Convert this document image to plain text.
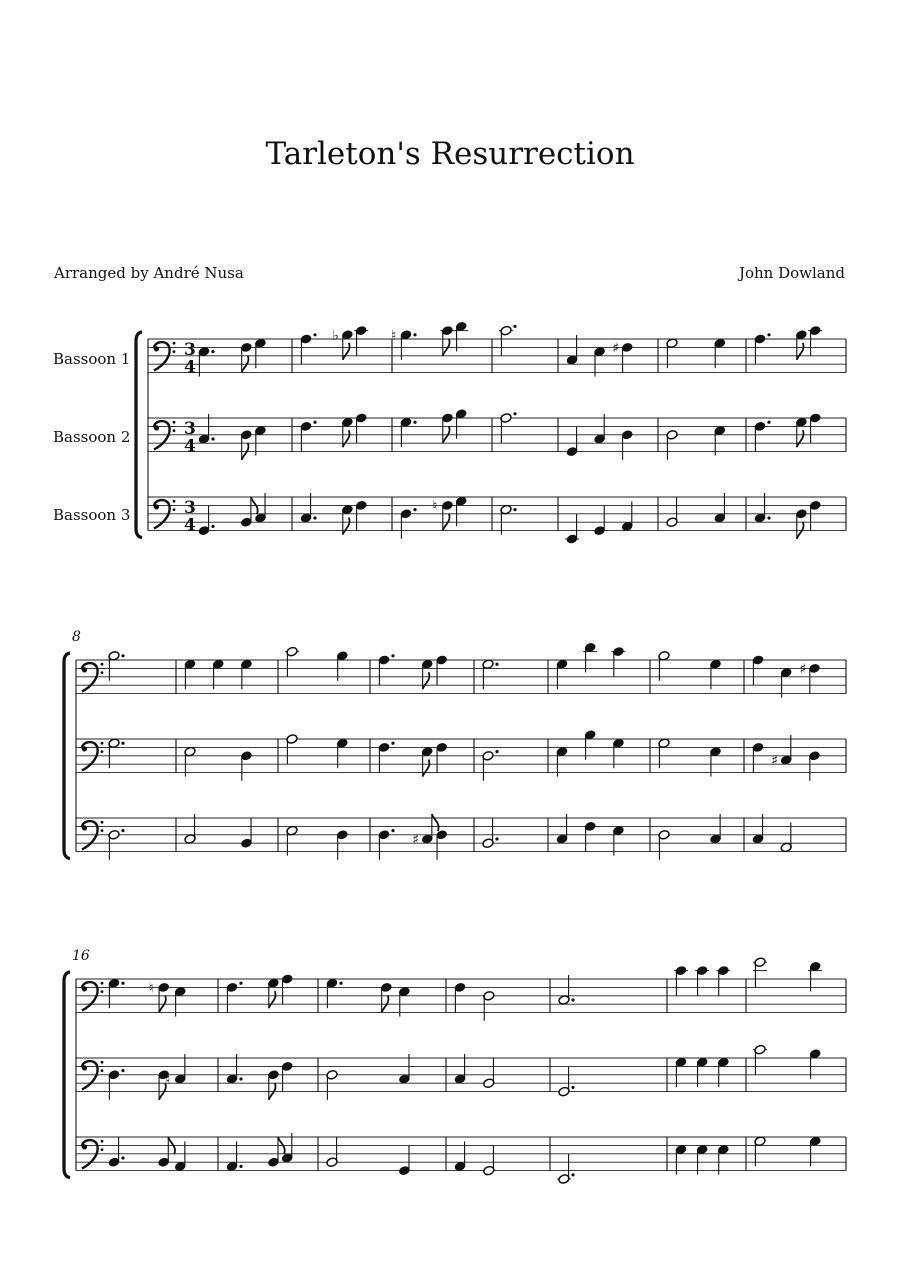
Tarleton's Resurrection
Arranged by André Nusa	John Dowland
Bassoon 1
Bassoon 2
Bassoon 3
8
16
3
4
3
4
3
4
♭	♮
♮
♯
♯
♯
♯
♮
♮
